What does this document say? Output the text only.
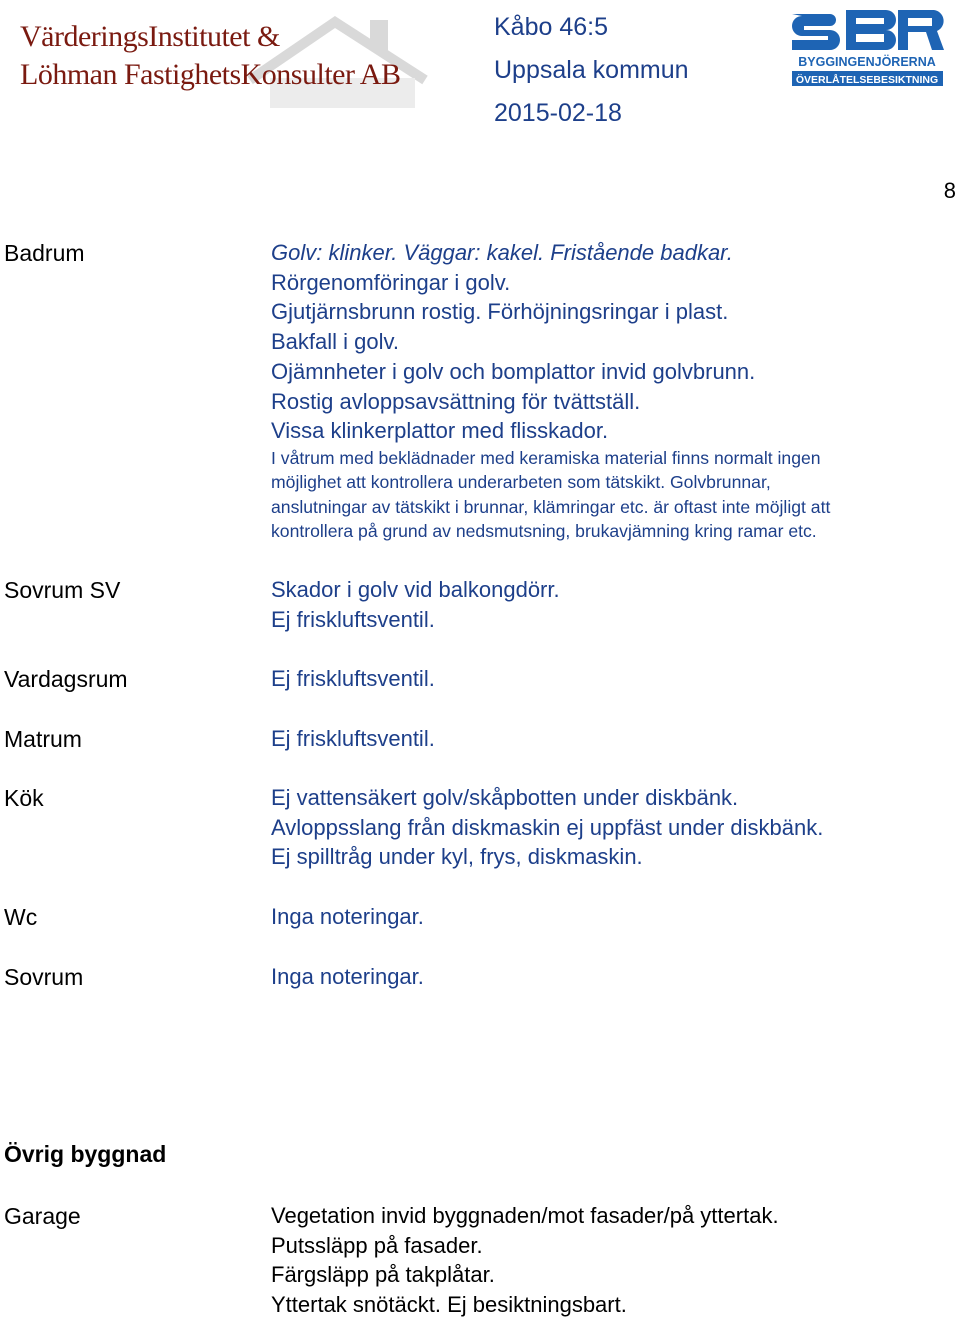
VärderingsInstitutet &
Löhman FastighetsKonsulter AB
Kåbo 46:5
Uppsala kommun
2015-02-18
BYGGINGENJÖRERNA
ÖVERLÅTELSEBESIKTNING
8
Badrum	Golv: klinker. Väggar: kakel. Fristående badkar.
Rörgenomföringar i golv.
Gjutjärnsbrunn rostig. Förhöjningsringar i plast.
Bakfall i golv.
Ojämnheter i golv och bomplattor invid golvbrunn.
Rostig avloppsavsättning för tvättställ.
Vissa klinkerplattor med flisskador.
I våtrum med beklädnader med keramiska material finns normalt ingen
möjlighet att kontrollera underarbeten som tätskikt. Golvbrunnar,
anslutningar av tätskikt i brunnar, klämringar etc. är oftast inte möjligt att
kontrollera på grund av nedsmutsning, brukavjämning kring ramar etc.
Sovrum SV	Skador i golv vid balkongdörr.
Ej friskluftsventil.
Vardagsrum	Ej friskluftsventil.
Matrum	Ej friskluftsventil.
Kök	Ej vattensäkert golv/skåpbotten under diskbänk.
Avloppsslang från diskmaskin ej uppfäst under diskbänk.
Ej spilltråg under kyl, frys, diskmaskin.
Wc	Inga noteringar.
Sovrum	Inga noteringar.
Övrig byggnad
Garage	Vegetation invid byggnaden/mot fasader/på yttertak.
Putssläpp på fasader.
Färgsläpp på takplåtar.
Yttertak snötäckt. Ej besiktningsbart.
